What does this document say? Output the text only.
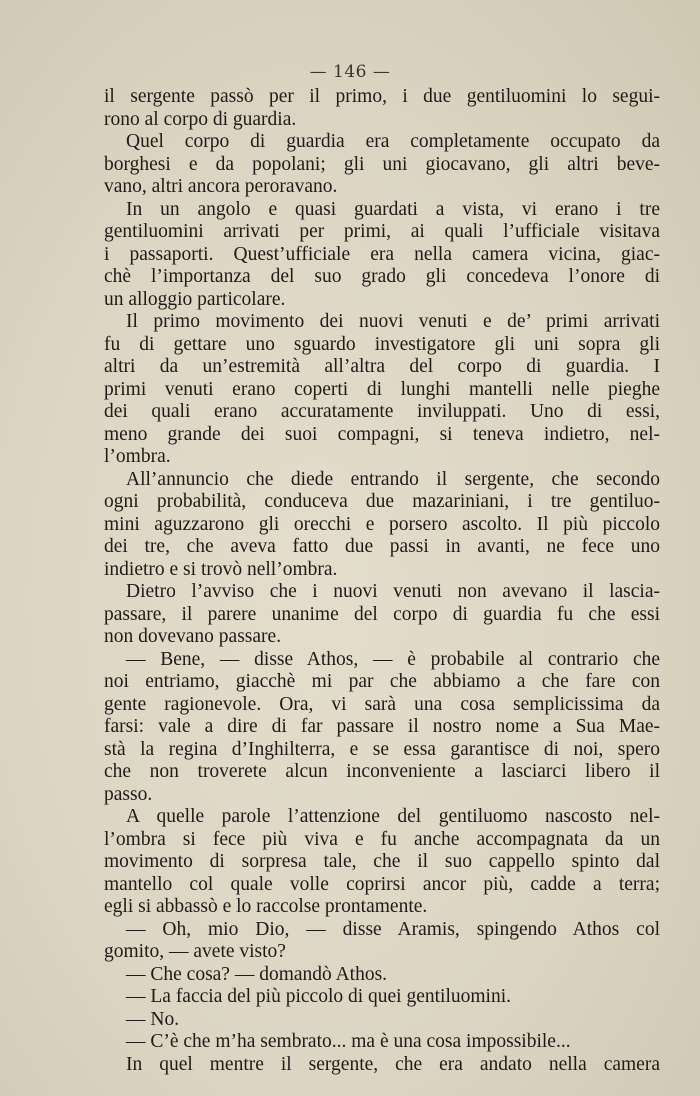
— 146 —
il sergente passò per il primo, i due gentiluomini lo segui-
rono al corpo di guardia.
Quel corpo di guardia era completamente occupato da
borghesi e da popolani; gli uni giocavano, gli altri beve-
vano, altri ancora peroravano.
In un angolo e quasi guardati a vista, vi erano i tre
gentiluomini arrivati per primi, ai quali l’ufficiale visitava
i passaporti. Quest’ufficiale era nella camera vicina, giac-
chè l’importanza del suo grado gli concedeva l’onore di
un alloggio particolare.
Il primo movimento dei nuovi venuti e de’ primi arrivati
fu di gettare uno sguardo investigatore gli uni sopra gli
altri da un’estremità all’altra del corpo di guardia. I
primi venuti erano coperti di lunghi mantelli nelle pieghe
dei quali erano accuratamente inviluppati. Uno di essi,
meno grande dei suoi compagni, si teneva indietro, nel-
l’ombra.
All’annuncio che diede entrando il sergente, che secondo
ogni probabilità, conduceva due mazariniani, i tre gentiluo-
mini aguzzarono gli orecchi e porsero ascolto. Il più piccolo
dei tre, che aveva fatto due passi in avanti, ne fece uno
indietro e si trovò nell’ombra.
Dietro l’avviso che i nuovi venuti non avevano il lascia-
passare, il parere unanime del corpo di guardia fu che essi
non dovevano passare.
— Bene, — disse Athos, — è probabile al contrario che
noi entriamo, giacchè mi par che abbiamo a che fare con
gente ragionevole. Ora, vi sarà una cosa semplicissima da
farsi: vale a dire di far passare il nostro nome a Sua Mae-
stà la regina d’Inghilterra, e se essa garantisce di noi, spero
che non troverete alcun inconveniente a lasciarci libero il
passo.
A quelle parole l’attenzione del gentiluomo nascosto nel-
l’ombra si fece più viva e fu anche accompagnata da un
movimento di sorpresa tale, che il suo cappello spinto dal
mantello col quale volle coprirsi ancor più, cadde a terra;
egli si abbassò e lo raccolse prontamente.
— Oh, mio Dio, — disse Aramis, spingendo Athos col
gomito, — avete visto?
— Che cosa? — domandò Athos.
— La faccia del più piccolo di quei gentiluomini.
— No.
— C’è che m’ha sembrato... ma è una cosa impossibile...
In quel mentre il sergente, che era andato nella camera
